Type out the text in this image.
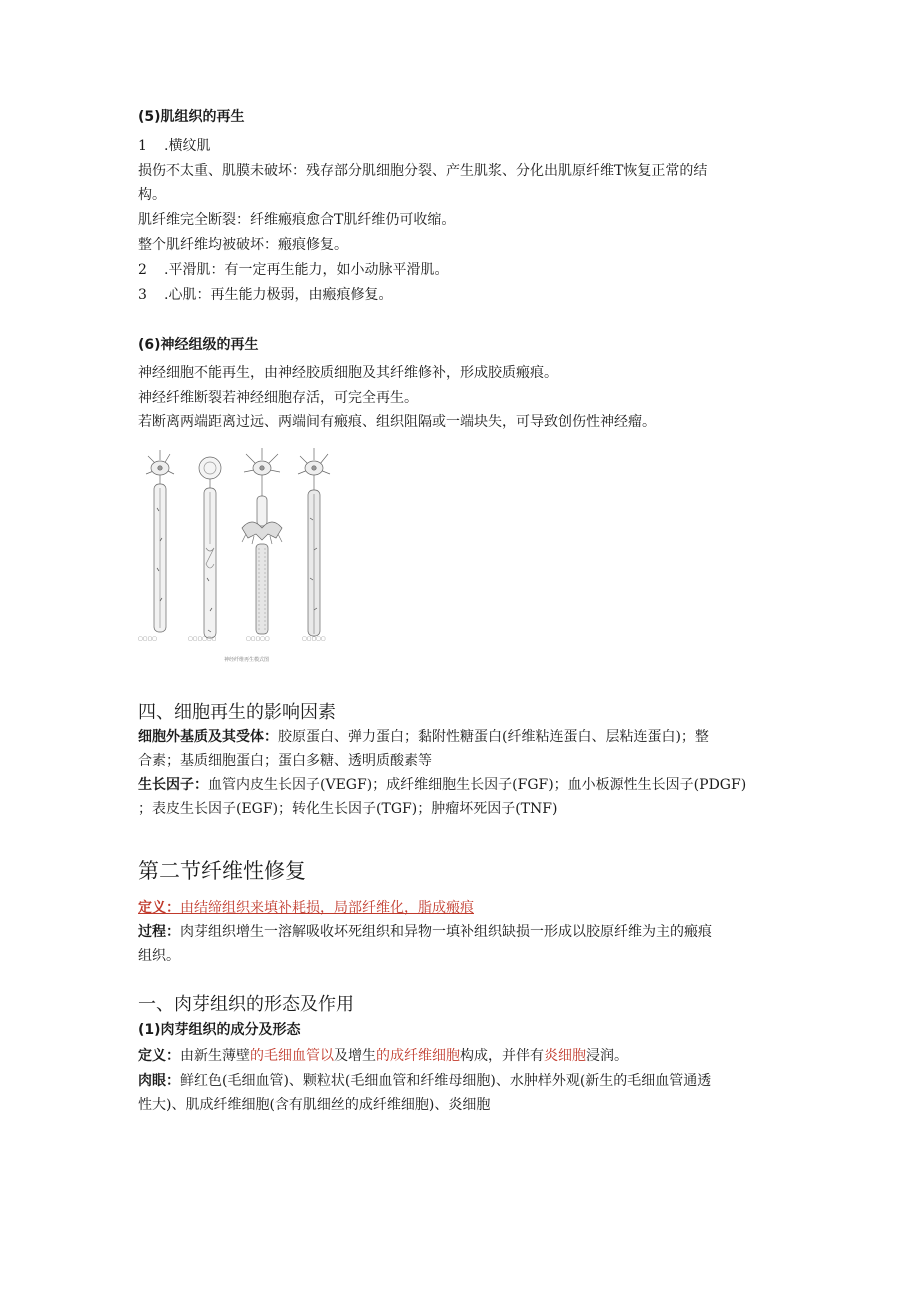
(5)肌组织的再生
1 .横纹肌
损伤不太重、肌膜未破坏：残存部分肌细胞分裂、产生肌浆、分化出肌原纤维T恢复正常的结
构。
肌纤维完全断裂：纤维瘢痕愈合T肌纤维仍可收缩。
整个肌纤维均被破坏：瘢痕修复。
2 .平滑肌：有一定再生能力，如小动脉平滑肌。
3 .心肌：再生能力极弱，由瘢痕修复。
(6)神经组级的再生
神经细胞不能再生，由神经胶质细胞及其纤维修补，形成胶质瘢痕。
神经纤维断裂若神经细胞存活，可完全再生。
若断离两端距离过远、两端间有瘢痕、组织阻隔或一端块失，可导致创伤性神经瘤。
▢▢▢▢	▢▢▢▢▢▢	▢▢▢▢▢	▢▢▢▢▢
神经纤维再生模式图
四、细胞再生的影响因素
细胞外基质及其受体：胶原蛋白、弹力蛋白；黏附性糖蛋白(纤维粘连蛋白、层粘连蛋白)；整
合素；基质细胞蛋白；蛋白多糖、透明质酸素等
生长因子：血管内皮生长因子(VEGF)；成纤维细胞生长因子(FGF)；血小板源性生长因子(PDGF)
；表皮生长因子(EGF)；转化生长因子(TGF)；肿瘤坏死因子(TNF)
第二节纤维性修复
定义：由结缔组织来填补耗损，局部纤维化，脂成瘢痕
过程：肉芽组织增生一溶解吸收坏死组织和异物一填补组织缺损一形成以胶原纤维为主的瘢痕
组织。
一、肉芽组织的形态及作用
(1)肉芽组织的成分及形态
定义：由新生薄壁的毛细血管以及增生的成纤维细胞构成，并伴有炎细胞浸润。
肉眼：鲜红色(毛细血管)、颗粒状(毛细血管和纤维母细胞)、水肿样外观(新生的毛细血管通透
性大)、肌成纤维细胞(含有肌细丝的成纤维细胞)、炎细胞
